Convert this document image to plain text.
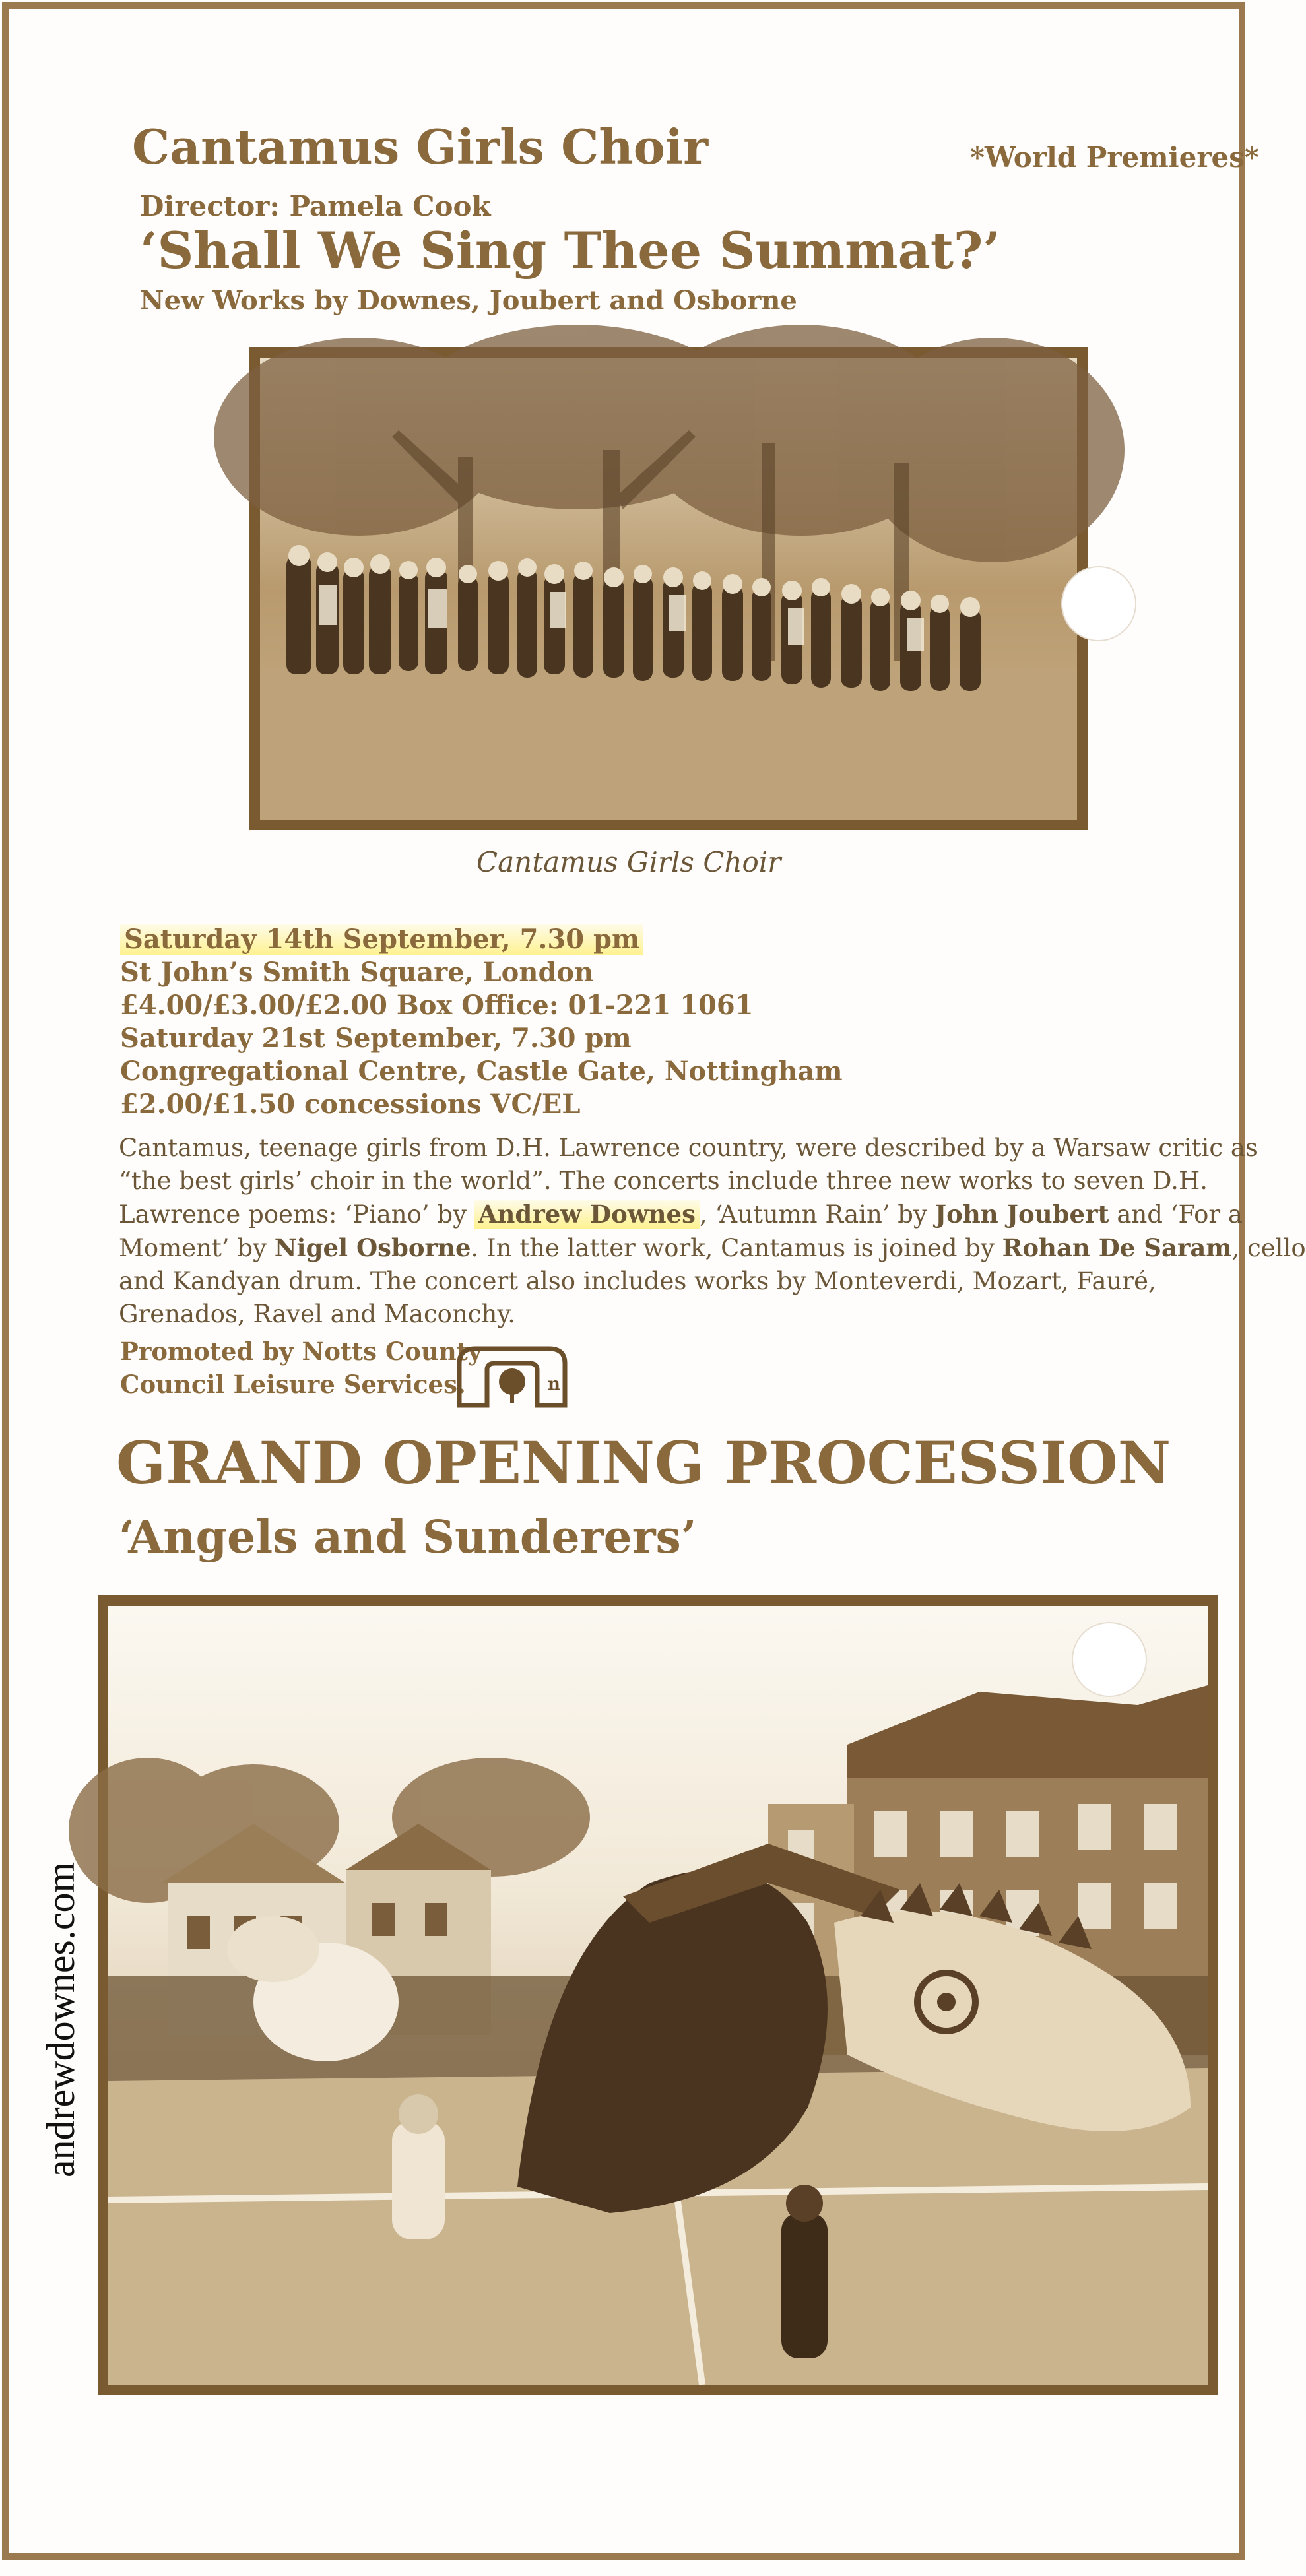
Cantamus Girls Choir	*World Premieres*
Director: Pamela Cook
‘Shall We Sing Thee Summat?’
New Works by Downes, Joubert and Osborne
Cantamus Girls Choir
Saturday 14th September, 7.30 pm
St John’s Smith Square, London
£4.00/£3.00/£2.00 Box Office: 01-221 1061
Saturday 21st September, 7.30 pm
Congregational Centre, Castle Gate, Nottingham
£2.00/£1.50 concessions VC/EL

Cantamus, teenage girls from D.H. Lawrence country, were described by a Warsaw critic as

“the best girls’ choir in the world”. The concerts include three new works to seven D.H.

Lawrence poems: ‘Piano’ by Andrew Downes , ‘Autumn Rain’ by John Joubert and ‘For a

Moment’ by Nigel Osborne. In the latter work, Cantamus is joined by Rohan De Saram, cello

and Kandyan drum. The concert also includes works by Monteverdi, Mozart, Fauré,

Grenados, Ravel and Maconchy.

Promoted by Notts County
Council Leisure Services.	n
GRAND OPENING PROCESSION
‘Angels and Sunderers’
andrewdownes.com
